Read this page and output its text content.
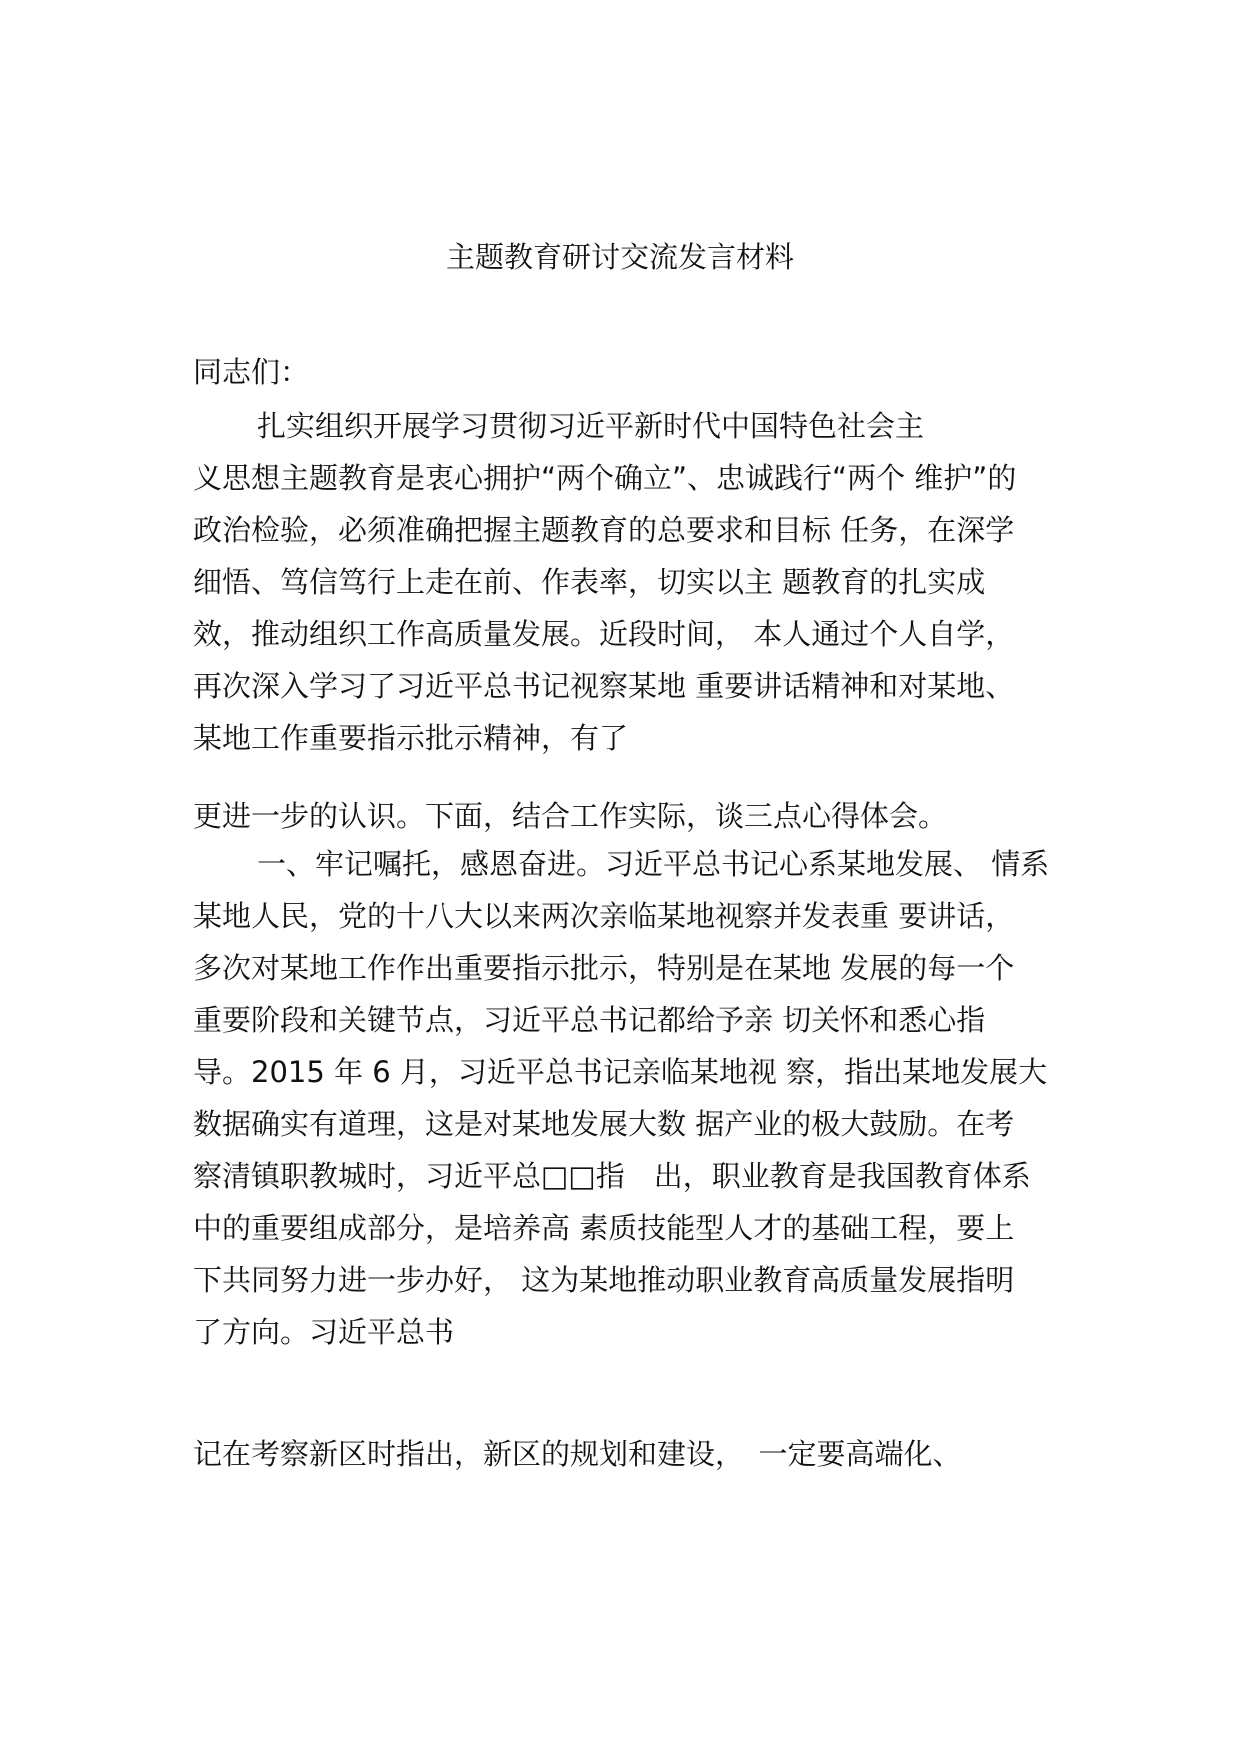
主题教育研讨交流发言材料
同志们：
扎实组织开展学习贯彻习近平新时代中国特色社会主
义思想主题教育是衷心拥护“两个确立”、忠诚践行“两个 维护”的
政治检验，必须准确把握主题教育的总要求和目标 任务，在深学
细悟、笃信笃行上走在前、作表率，切实以主 题教育的扎实成
效，推动组织工作高质量发展。近段时间， 本人通过个人自学，
再次深入学习了习近平总书记视察某地 重要讲话精神和对某地、
某地工作重要指示批示精神，有了
更进一步的认识。下面，结合工作实际，谈三点心得体会。
一、牢记嘱托，感恩奋进。习近平总书记心系某地发展、 情系
某地人民，党的十八大以来两次亲临某地视察并发表重 要讲话，
多次对某地工作作出重要指示批示，特别是在某地 发展的每一个
重要阶段和关键节点，习近平总书记都给予亲 切关怀和悉心指
导。2015 年 6 月，习近平总书记亲临某地视 察，指出某地发展大
数据确实有道理，这是对某地发展大数 据产业的极大鼓励。在考
察清镇职教城时，习近平总□□指　出，职业教育是我国教育体系
中的重要组成部分，是培养高 素质技能型人才的基础工程，要上
下共同努力进一步办好， 这为某地推动职业教育高质量发展指明
了方向。习近平总书
记在考察新区时指出，新区的规划和建设，　一定要高端化、
